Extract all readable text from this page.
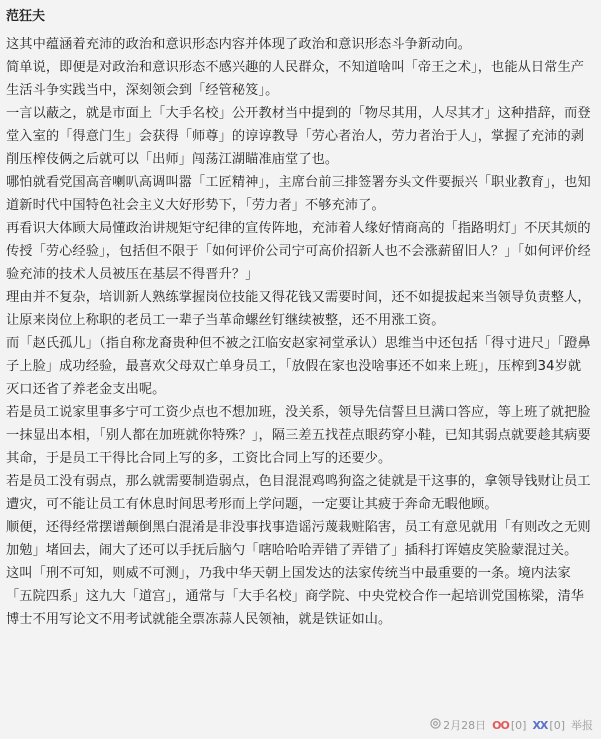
范狂夫

这其中蕴涵着充沛的政治和意识形态内容并体现了政治和意识形态斗争新动向。

简单说，即便是对政治和意识形态不感兴趣的人民群众，不知道啥叫「帝王之术」，也能从日常生产生活斗争实践当中，深刻领会到「经管秘笈」。

一言以蔽之，就是市面上「大手名校」公开教材当中提到的「物尽其用，人尽其才」这种措辞，而登堂入室的「得意门生」会获得「师尊」的谆谆教导「劳心者治人，劳力者治于人」，掌握了充沛的剥削压榨伎俩之后就可以「出师」闯荡江湖瞄准庙堂了也。

哪怕就看党国高音喇叭高调叫嚣「工匠精神」，主席台前三排签署夯头文件要振兴「职业教育」，也知道新时代中国特色社会主义大好形势下，「劳力者」不够充沛了。

再看识大体顾大局懂政治讲规矩守纪律的宣传阵地，充沛着人缘好情商高的「指路明灯」不厌其烦的传授「劳心经验」，包括但不限于「如何评价公司宁可高价招新人也不会涨薪留旧人？」「如何评价经验充沛的技术人员被压在基层不得晋升？」

理由并不复杂，培训新人熟练掌握岗位技能又得花钱又需要时间，还不如提拔起来当领导负责整人，让原来岗位上称职的老员工一辈子当革命螺丝钉继续被整，还不用涨工资。

而「赵氏孤儿」（指自称龙裔贵种但不被之江临安赵家祠堂承认）思维当中还包括「得寸进尺」「蹬鼻子上脸」成功经验，最喜欢父母双亡单身员工，「放假在家也没啥事还不如来上班」，压榨到34岁就灭口还省了养老金支出呢。

若是员工说家里事多宁可工资少点也不想加班，没关系，领导先信誓旦旦满口答应，等上班了就把脸一抹显出本相，「别人都在加班就你特殊？」，隔三差五找茬点眼药穿小鞋，已知其弱点就要趁其病要其命，于是员工干得比合同上写的多，工资比合同上写的还要少。

若是员工没有弱点，那么就需要制造弱点，色目混混鸡鸣狗盗之徒就是干这事的，拿领导钱财让员工遭灾，可不能让员工有休息时间思考形而上学问题，一定要让其疲于奔命无暇他顾。

顺便，还得经常摆谱颠倒黑白混淆是非没事找事造谣污蔑栽赃陷害，员工有意见就用「有则改之无则加勉」堵回去，闹大了还可以手抚后脑勺「嗐哈哈哈弄错了弄错了」插科打诨嬉皮笑脸蒙混过关。

这叫「刑不可知，则威不可测」，乃我中华天朝上国发达的法家传统当中最重要的一条。境内法家「五院四系」这九大「道宫」，通常与「大手名校」商学院、中央党校合作一起培训党国栋梁，清华博士不用写论文不用考试就能全票冻蒜人民领袖，就是铁证如山。

2月28日 OO [0] XX [0] 举报
